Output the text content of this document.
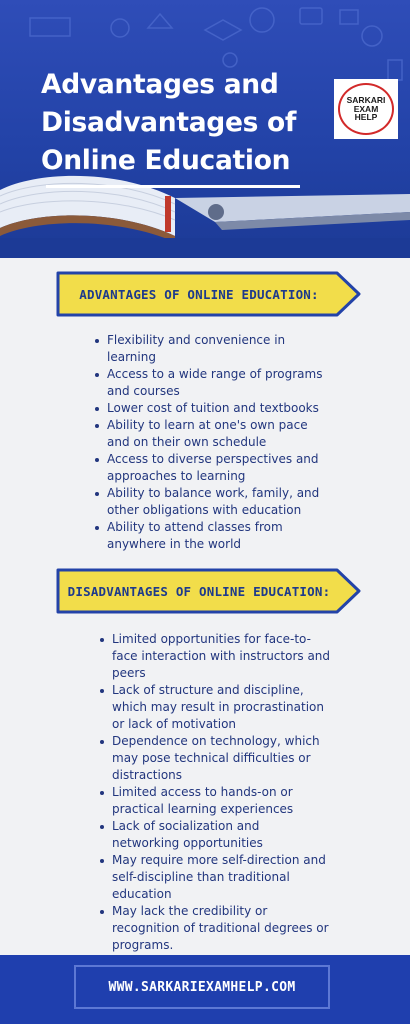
Advantages and
Disadvantages of
Online Education
SARKARI
EXAM
HELP
ADVANTAGES OF ONLINE EDUCATION:
Flexibility and convenience in learning
Access to a wide range of programs and courses
Lower cost of tuition and textbooks
Ability to learn at one's own pace and on their own schedule
Access to diverse perspectives and approaches to learning
Ability to balance work, family, and other obligations with education
Ability to attend classes from anywhere in the world
DISADVANTAGES OF ONLINE EDUCATION:
Limited opportunities for face-to-face interaction with instructors and peers
Lack of structure and discipline, which may result in procrastination or lack of motivation
Dependence on technology, which may pose technical difficulties or distractions
Limited access to hands-on or practical learning experiences
Lack of socialization and networking opportunities
May require more self-direction and self-discipline than traditional education
May lack the credibility or recognition of traditional degrees or programs.
WWW.SARKARIEXAMHELP.COM
